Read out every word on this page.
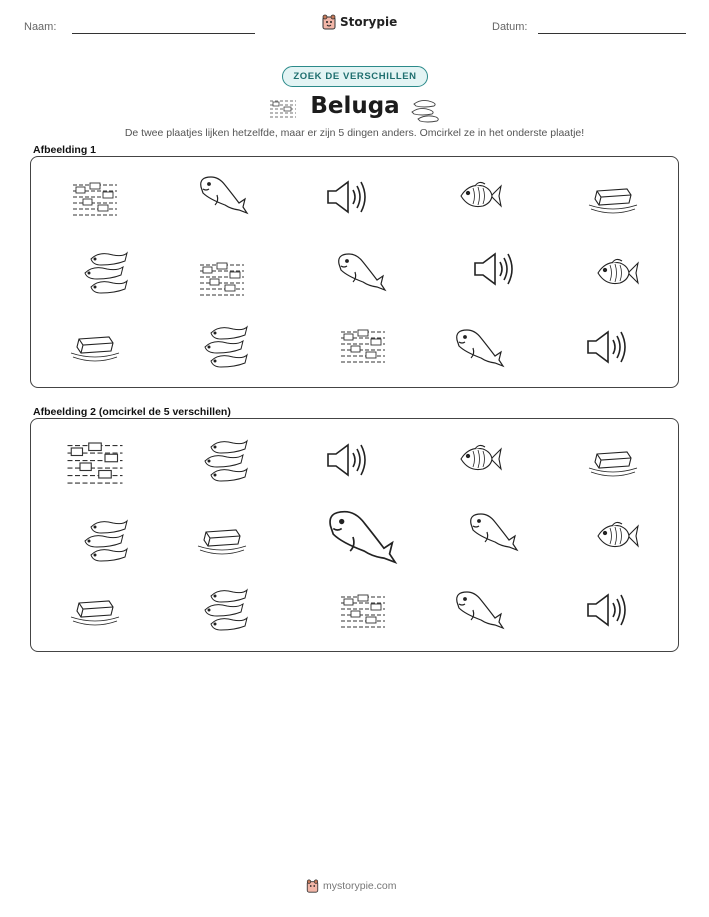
Naam:	Storypie	Datum:
ZOEK DE VERSCHILLEN
Beluga
De twee plaatjes lijken hetzelfde, maar er zijn 5 dingen anders. Omcirkel ze in het onderste plaatje!
Afbeelding 1
Afbeelding 2 (omcirkel de 5 verschillen)
mystorypie.com
